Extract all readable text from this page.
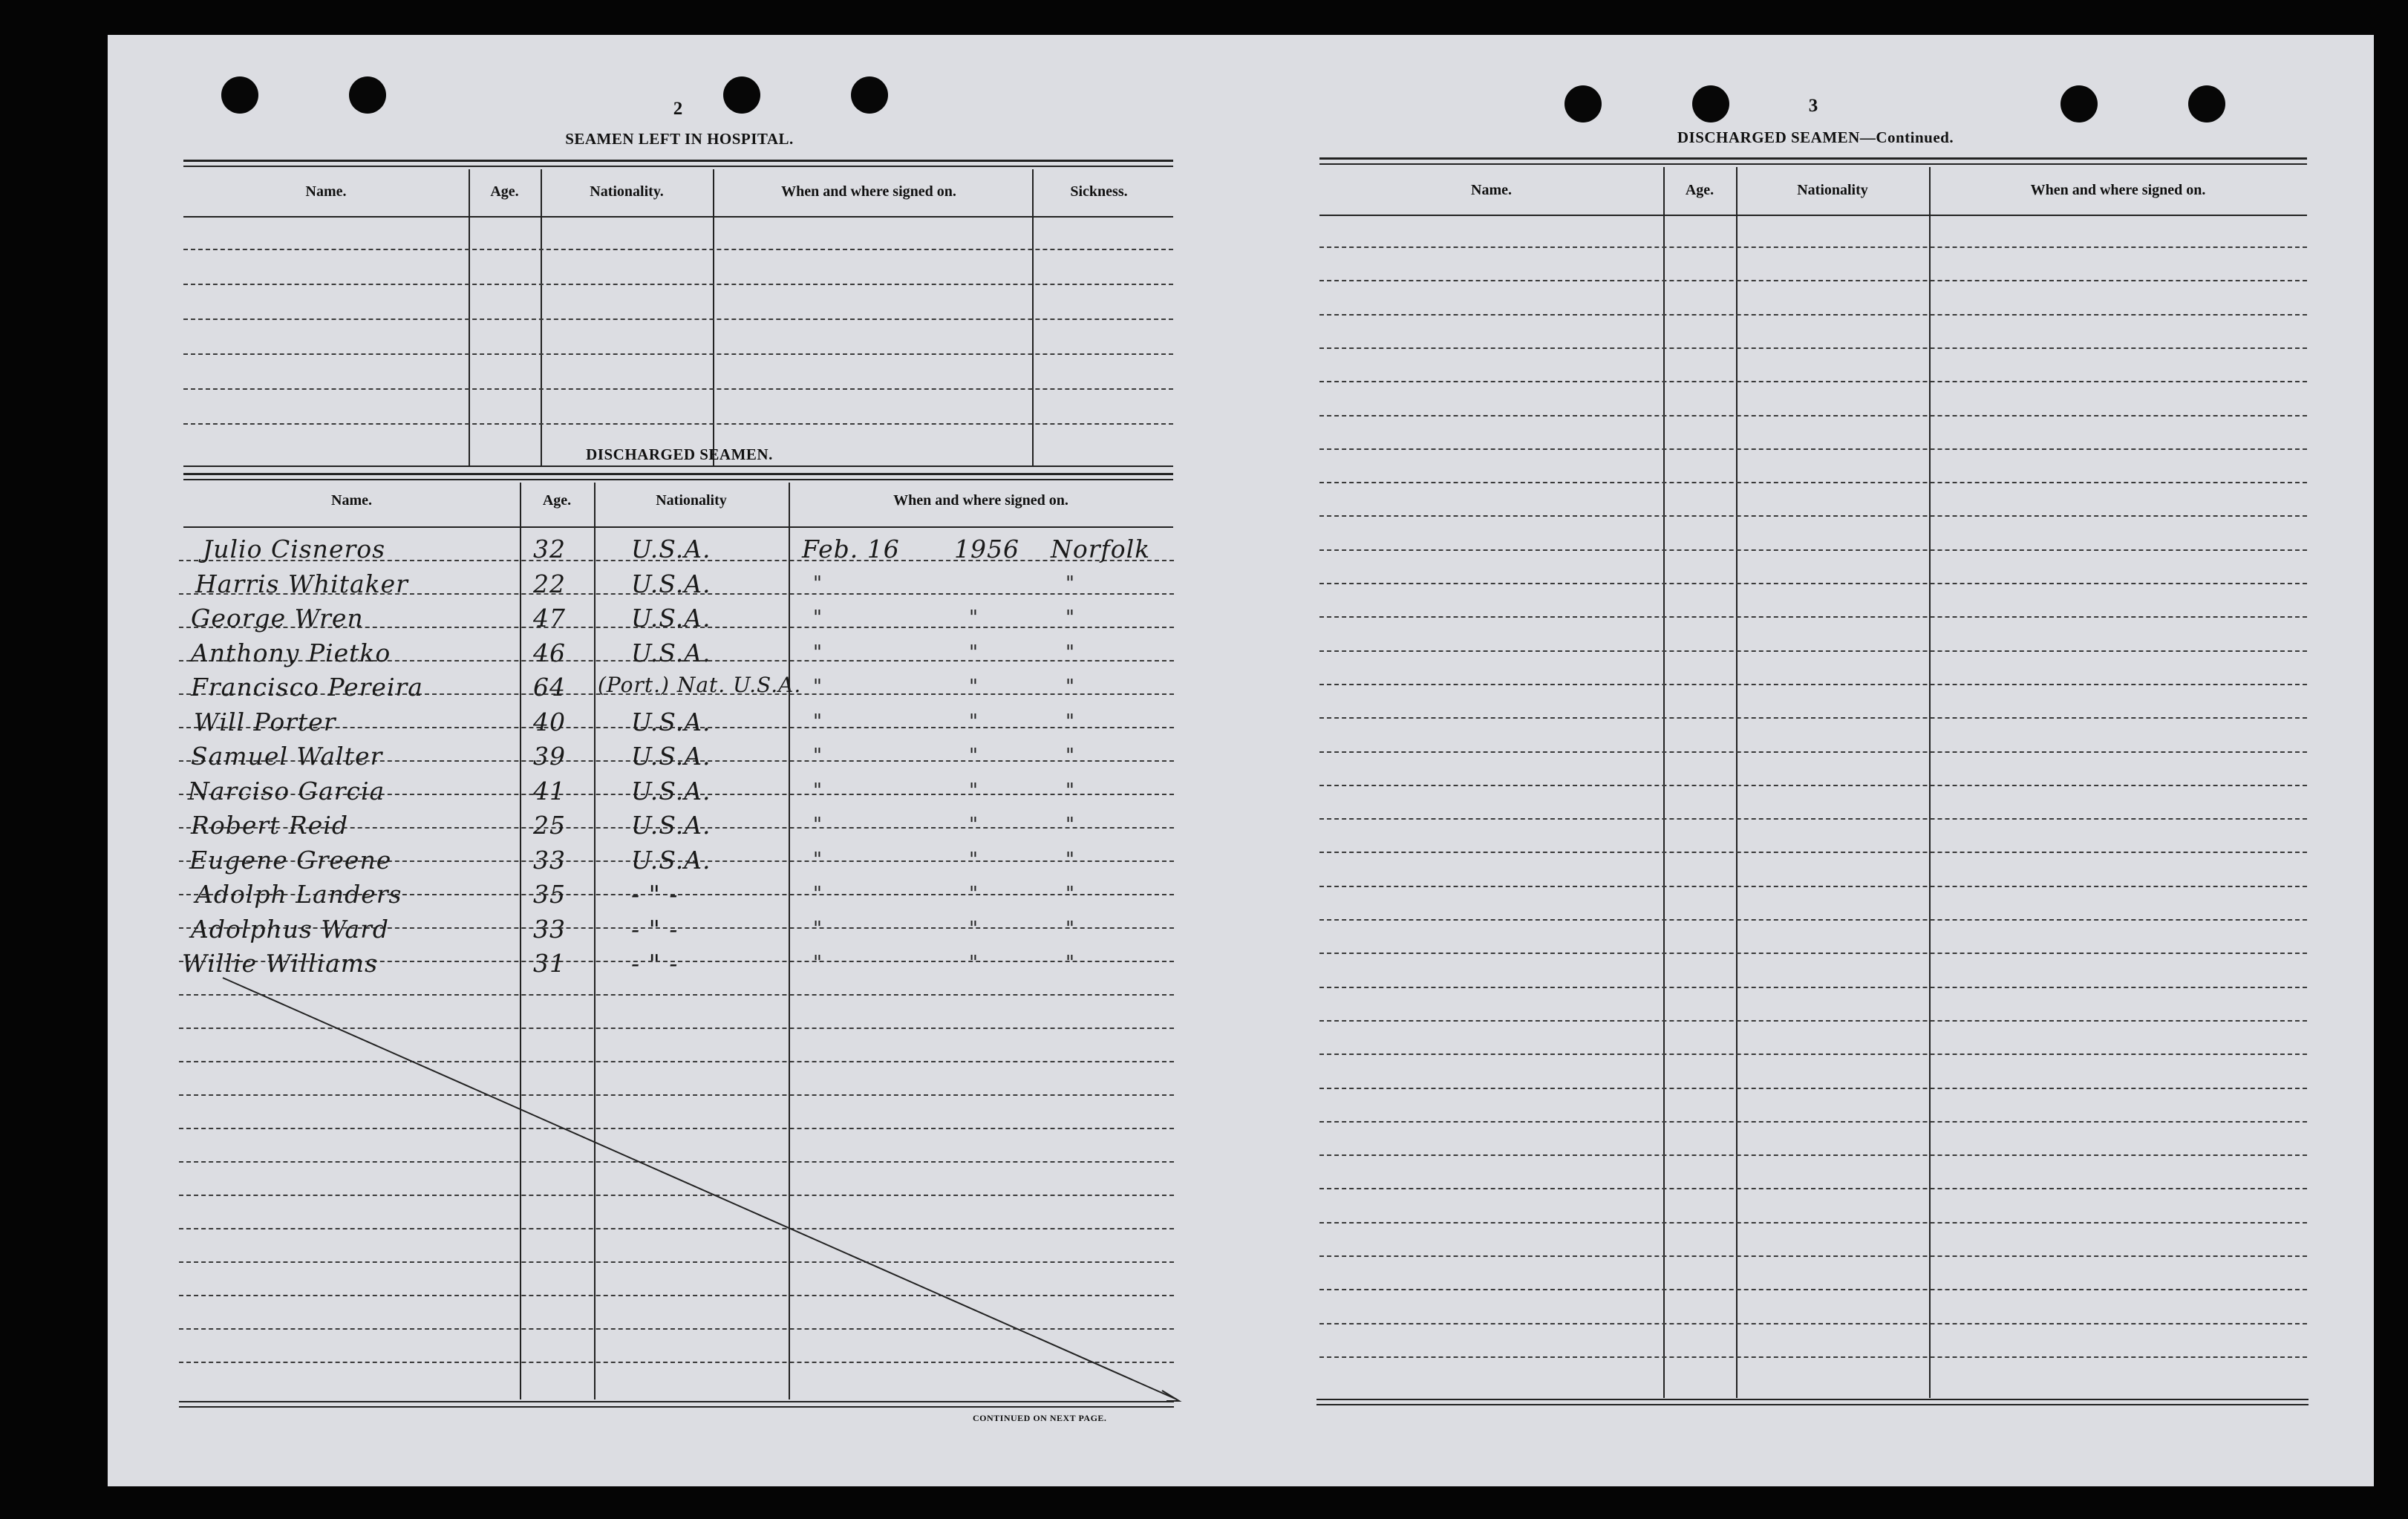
2
SEAMEN LEFT IN HOSPITAL.
Name.	Age.	Nationality.	When and where signed on.	Sickness.
DISCHARGED SEAMEN.
Name.	Age.	Nationality	When and where signed on.
CONTINUED ON NEXT PAGE.
Julio Cisneros	32	U.S.A.	Feb. 16 1956 Norfolk
Harris Whitaker	22	U.S.A.	"	"
George Wren	47	U.S.A.	"	"	"
Anthony Pietko	46	U.S.A.	"	"	"
Francisco Pereira	64 (Port.) Nat. U.S.A. "	"	"
Will Porter	40	U.S.A.	"	"	"
Samuel Walter	39	U.S.A.	"	"	"
Narciso Garcia	41	U.S.A.	"	"	"
Robert Reid	25	U.S.A.	"	"	"
Eugene Greene	33	U.S.A.	"	"	"
Adolph Landers	35	- " -	"	"	"
Adolphus Ward	33	- " -	"	"	"
Willie Williams	31	- " -	"	"	"
3
DISCHARGED SEAMEN—Continued.
Name.	Age.	Nationality	When and where signed on.
